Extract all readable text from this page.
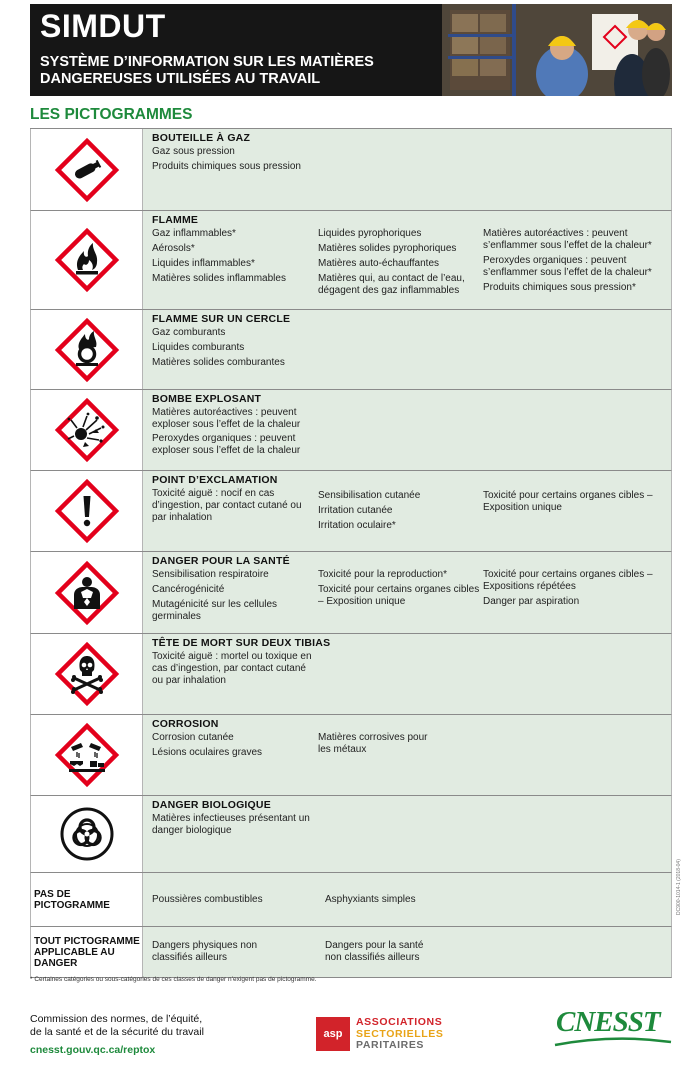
SIMDUT
SYSTÈME D’INFORMATION SUR LES MATIÈRES
DANGEREUSES UTILISÉES AU TRAVAIL
LES PICTOGRAMMES
BOUTEILLE À GAZ
Gaz sous pression
Produits chimiques sous pression
FLAMME
Gaz inflammables*
Aérosols*
Liquides inflammables*
Matières solides inflammables
Liquides pyrophoriques
Matières solides pyrophoriques
Matières auto-échauffantes
Matières qui, au contact de l’eau, dégagent des gaz inflammables
Matières autoréactives : peuvent s’enflammer sous l’effet de la chaleur*
Peroxydes organiques : peuvent s’enflammer sous l’effet de la chaleur*
Produits chimiques sous pression*
FLAMME SUR UN CERCLE
Gaz comburants
Liquides comburants
Matières solides comburantes
BOMBE EXPLOSANT
Matières autoréactives : peuvent exploser sous l’effet de la chaleur
Peroxydes organiques : peuvent exploser sous l’effet de la chaleur
POINT D’EXCLAMATION
Toxicité aiguë : nocif en cas d’ingestion, par contact cutané ou par inhalation
Sensibilisation cutanée
Irritation cutanée
Irritation oculaire*
Toxicité pour certains organes cibles – Exposition unique
DANGER POUR LA SANTÉ
Sensibilisation respiratoire
Cancérogénicité
Mutagénicité sur les cellules germinales
Toxicité pour la reproduction*
Toxicité pour certains organes cibles – Exposition unique
Toxicité pour certains organes cibles – Expositions répétées
Danger par aspiration
TÊTE DE MORT SUR DEUX TIBIAS
Toxicité aiguë : mortel ou toxique en cas d’ingestion, par contact cutané ou par inhalation
CORROSION
Corrosion cutanée
Lésions oculaires graves
Matières corrosives pour les métaux
DANGER BIOLOGIQUE
Matières infectieuses présentant un danger biologique
PAS DE PICTOGRAMME
Poussières combustibles	Asphyxiants simples
TOUT PICTOGRAMME APPLICABLE AU DANGER
Dangers physiques non classifiés ailleurs
Dangers pour la santé non classifiés ailleurs
* Certaines catégories ou sous-catégories de ces classes de danger n’exigent pas de pictogramme.
DC900-1014-1 (2018-04)
Commission des normes, de l’équité,
de la santé et de la sécurité du travail
cnesst.gouv.qc.ca/reptox
asp
ASSOCIATIONS
SECTORIELLES
PARITAIRES
CNESST
